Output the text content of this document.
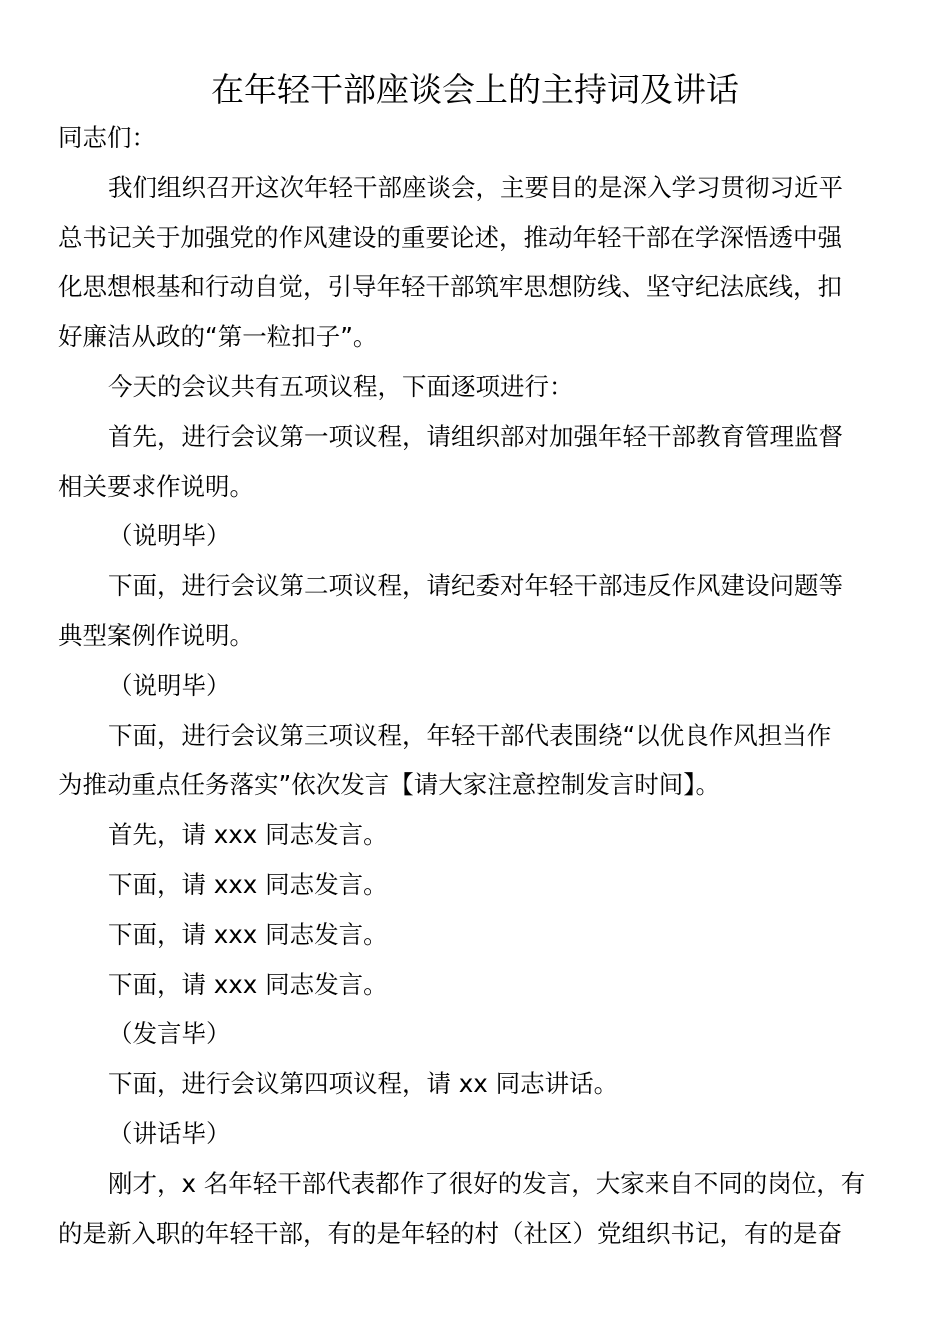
在年轻干部座谈会上的主持词及讲话
同志们：
我们组织召开这次年轻干部座谈会，主要目的是深入学习贯彻习近平
总书记关于加强党的作风建设的重要论述，推动年轻干部在学深悟透中强
化思想根基和行动自觉，引导年轻干部筑牢思想防线、坚守纪法底线，扣
好廉洁从政的“第一粒扣子”。
今天的会议共有五项议程，下面逐项进行：
首先，进行会议第一项议程，请组织部对加强年轻干部教育管理监督
相关要求作说明。
（说明毕）
下面，进行会议第二项议程，请纪委对年轻干部违反作风建设问题等
典型案例作说明。
（说明毕）
下面，进行会议第三项议程，年轻干部代表围绕“以优良作风担当作
为推动重点任务落实”依次发言【请大家注意控制发言时间】。
首先，请 xxx 同志发言。
下面，请 xxx 同志发言。
下面，请 xxx 同志发言。
下面，请 xxx 同志发言。
（发言毕）
下面，进行会议第四项议程，请 xx 同志讲话。
（讲话毕）
刚才，x 名年轻干部代表都作了很好的发言，大家来自不同的岗位，有
的是新入职的年轻干部，有的是年轻的村（社区）党组织书记，有的是奋
